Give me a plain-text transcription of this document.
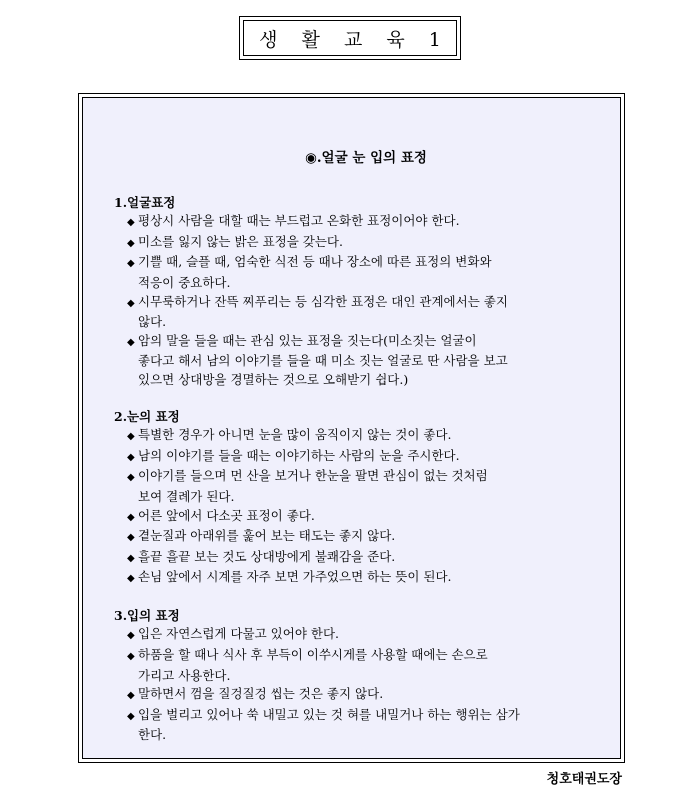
생 활 교 육 1
◉.얼굴 눈 입의 표정
1.얼굴표정
◆ 평상시 사람을 대할 때는 부드럽고 온화한 표정이어야 한다.
◆ 미소를 잃지 않는 밝은 표정을 갖는다.
◆ 기쁠 때, 슬플 때, 엄숙한 식전 등 때나 장소에 따른 표정의 변화와
적응이 중요하다.
◆ 시무룩하거나 잔뜩 찌푸리는 등 심각한 표정은 대인 관계에서는 좋지
않다.
◆ 암의 말을 들을 때는 관심 있는 표정을 짓는다(미소짓는 얼굴이
좋다고 해서 남의 이야기를 들을 때 미소 짓는 얼굴로 딴 사람을 보고
있으면 상대방을 경멸하는 것으로 오해받기 쉽다.)
2.눈의 표정
◆ 특별한 경우가 아니면 눈을 많이 움직이지 않는 것이 좋다.
◆ 남의 이야기를 들을 때는 이야기하는 사람의 눈을 주시한다.
◆ 이야기를 들으며 먼 산을 보거나 한눈을 팔면 관심이 없는 것처럼
보여 결례가 된다.
◆ 어른 앞에서 다소곳 표정이 좋다.
◆ 곁눈질과 아래위를 훑어 보는 태도는 좋지 않다.
◆ 흘끝 흘끝 보는 것도 상대방에게 불쾌감을 준다.
◆ 손님 앞에서 시계를 자주 보면 가주었으면 하는 뜻이 된다.
3.입의 표정
◆ 입은 자연스럽게 다물고 있어야 한다.
◆ 하품을 할 때나 식사 후 부득이 이쑤시게를 사용할 때에는 손으로
가리고 사용한다.
◆ 말하면서 껌을 질겅질겅 씹는 것은 좋지 않다.
◆ 입을 벌리고 있어나 쑥 내밀고 있는 것 혀를 내밀거나 하는 행위는 삼가
한다.
청호태권도장
